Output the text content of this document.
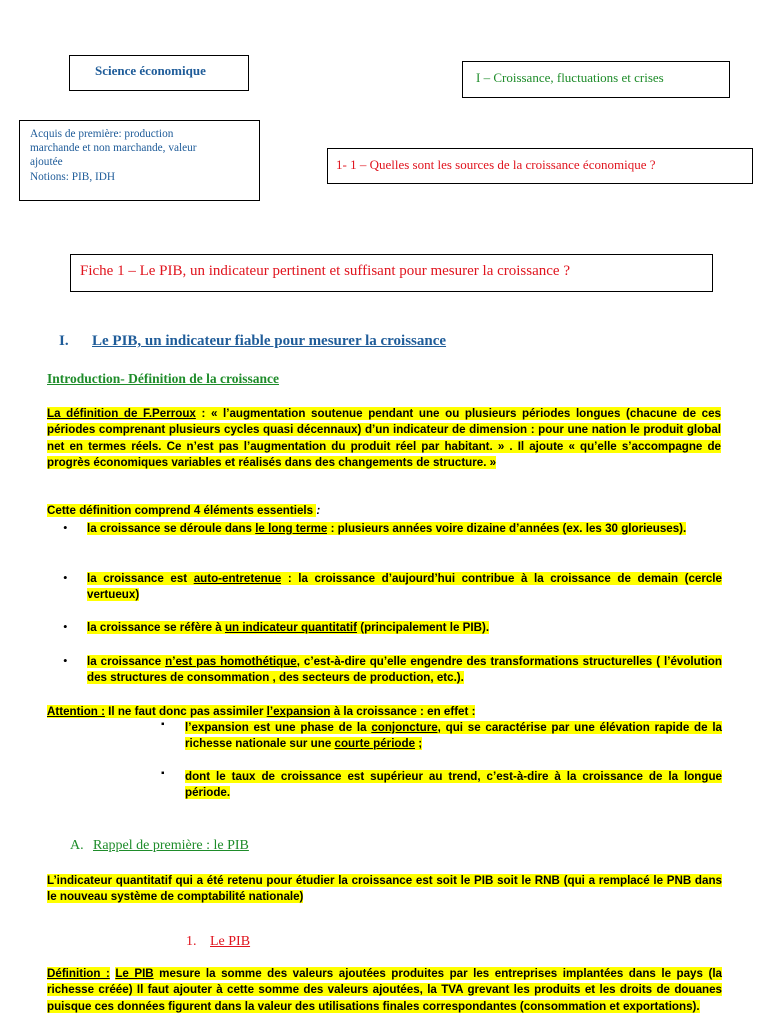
Science économique	I – Croissance, fluctuations et crises
Acquis de première: production
marchande et non marchande, valeur
ajoutée
Notions: PIB, IDH
1- 1 – Quelles sont les sources de la croissance économique ?
Fiche 1 – Le PIB, un indicateur pertinent et suffisant pour mesurer la croissance ?
I. Le PIB, un indicateur fiable pour mesurer la croissance
Introduction- Définition de la croissance
La définition de F.Perroux : « l’augmentation soutenue pendant une ou plusieurs périodes longues (chacune de ces périodes comprenant plusieurs cycles quasi décennaux) d’un indicateur de dimension : pour une nation le produit global net en termes réels. Ce n’est pas l’augmentation du produit réel par habitant. » . Il ajoute « qu’elle s’accompagne de progrès économiques variables et réalisés dans des changements de structure. »
Cette définition comprend 4 éléments essentiels :
• la croissance se déroule dans le long terme : plusieurs années voire dizaine d’années (ex. les 30 glorieuses).
• la croissance est auto-entretenue : la croissance d’aujourd’hui contribue à la croissance de demain (cercle vertueux)
• la croissance se réfère à un indicateur quantitatif (principalement le PIB).
• la croissance n’est pas homothétique, c’est-à-dire qu’elle engendre des transformations structurelles ( l’évolution des structures de consommation , des secteurs de production, etc.).
Attention : Il ne faut donc pas assimiler l’expansion à la croissance : en effet :
▪ l’expansion est une phase de la conjoncture, qui se caractérise par une élévation rapide de la richesse nationale sur une courte période ;
▪ dont le taux de croissance est supérieur au trend, c’est-à-dire à la croissance de la longue période.
A. Rappel de première : le PIB
L’indicateur quantitatif qui a été retenu pour étudier la croissance est soit le PIB soit le RNB (qui a remplacé le PNB dans le nouveau système de comptabilité nationale)
1. Le PIB
Définition : Le PIB mesure la somme des valeurs ajoutées produites par les entreprises implantées dans le pays (la richesse créée) Il faut ajouter à cette somme des valeurs ajoutées, la TVA grevant les produits et les droits de douanes puisque ces données figurent dans la valeur des utilisations finales correspondantes (consommation et exportations).
